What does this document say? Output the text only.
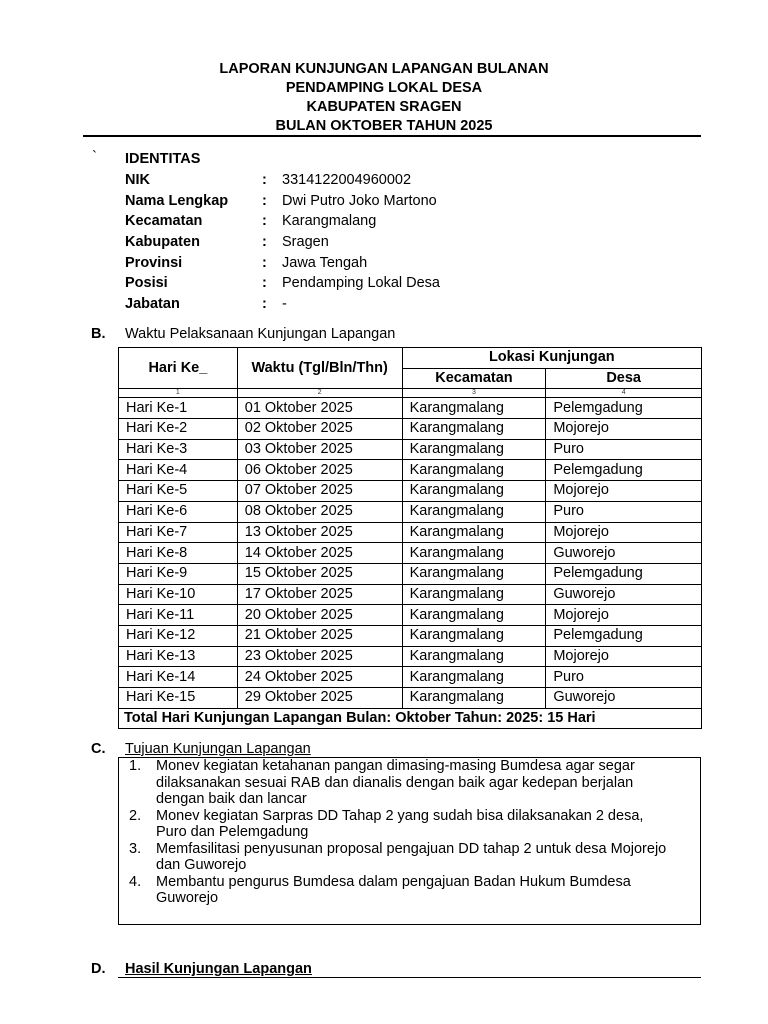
LAPORAN KUNJUNGAN LAPANGAN BULANAN
PENDAMPING LOKAL DESA
KABUPATEN SRAGEN
BULAN OKTOBER TAHUN 2025
` IDENTITAS
NIK	: 3314122004960002
Nama Lengkap : Dwi Putro Joko Martono
Kecamatan	: Karangmalang
Kabupaten	: Sragen
Provinsi	: Jawa Tengah
Posisi	: Pendamping Lokal Desa
Jabatan	: -
B. Waktu Pelaksanaan Kunjungan Lapangan
Hari Ke_	Waktu (Tgl/Bln/Thn)	Lokasi Kunjungan	
		Kecamatan	Desa
1	2	3	4
Hari Ke-1	01 Oktober 2025	Karangmalang	Pelemgadung
Hari Ke-2	02 Oktober 2025	Karangmalang	Mojorejo
Hari Ke-3	03 Oktober 2025	Karangmalang	Puro
Hari Ke-4	06 Oktober 2025	Karangmalang	Pelemgadung
Hari Ke-5	07 Oktober 2025	Karangmalang	Mojorejo
Hari Ke-6	08 Oktober 2025	Karangmalang	Puro
Hari Ke-7	13 Oktober 2025	Karangmalang	Mojorejo
Hari Ke-8	14 Oktober 2025	Karangmalang	Guworejo
Hari Ke-9	15 Oktober 2025	Karangmalang	Pelemgadung
Hari Ke-10	17 Oktober 2025	Karangmalang	Guworejo
Hari Ke-11	20 Oktober 2025	Karangmalang	Mojorejo
Hari Ke-12	21 Oktober 2025	Karangmalang	Pelemgadung
Hari Ke-13	23 Oktober 2025	Karangmalang	Mojorejo
Hari Ke-14	24 Oktober 2025	Karangmalang	Puro
Hari Ke-15	29 Oktober 2025	Karangmalang	Guworejo
Total Hari Kunjungan Lapangan Bulan: Oktober Tahun: 2025: 15 Hari			
C. Tujuan Kunjungan Lapangan
1. Monev kegiatan ketahanan pangan dimasing-masing Bumdesa agar segar dilaksanakan sesuai RAB dan dianalis dengan baik agar kedepan berjalan dengan baik dan lancar
2. Monev kegiatan Sarpras DD Tahap 2 yang sudah bisa dilaksanakan 2 desa, Puro dan Pelemgadung
3. Memfasilitasi penyusunan proposal pengajuan DD tahap 2 untuk desa Mojorejo dan Guworejo
4. Membantu pengurus Bumdesa dalam pengajuan Badan Hukum Bumdesa Guworejo
D. Hasil Kunjungan Lapangan
